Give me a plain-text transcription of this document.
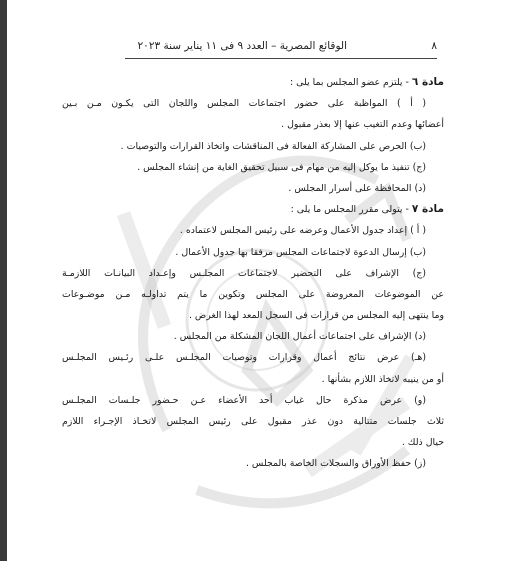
٨
الوقائع المصرية – العدد ٩ فى ١١ يناير سنة ٢٠٢٣
مادة ٦ - يلتزم عضو المجلس بما يلى :
( أ ) المواظبة على حضور اجتماعات المجلس واللجان التى يكـون مـن بـين
أعضائها وعدم التغيب عنها إلا بعذر مقبول .
(ب) الحرص على المشاركة الفعالة فى المناقشات واتخاذ القرارات والتوصيات .
(ج) تنفيذ ما يوكل إليه من مهام فى سبيل تحقيق الغاية من إنشاء المجلس .
(د) المحافظة على أسرار المجلس .
مادة ٧ - يتولى مقرر المجلس ما يلى :
( أ ) إعداد جدول الأعمال وعرضه على رئيس المجلس لاعتماده .
(ب) إرسال الدعوة لاجتماعات المجلس مرفقا بها جدول الأعمال .
(ج) الإشراف على التحضير لاجتماعات المجلـس وإعـداد البيانـات اللازمـة
عن الموضوعات المعروضة على المجلس وتكوين ما يتم تداولـه مـن موضـوعات
وما ينتهى إليه المجلس من قرارات فى السجل المعد لهذا الغرض .
(د) الإشراف على اجتماعات أعمال اللجان المشكلة من المجلس .
(هـ) عرض نتائج أعمال وقرارات وتوصيات المجلـس علـى رئـيس المجلـس
أو من ينيبه لاتخاذ اللازم بشأنها .
(و) عرض مذكرة حال غياب أحد الأعضاء عـن حـضور جلـسات المجلـس
ثلاث جلسات متتالية دون عذر مقبول على رئيس المجلس لاتخـاذ الإجـراء اللازم
حيال ذلك .
(ز) حفظ الأوراق والسجلات الخاصة بالمجلس .
